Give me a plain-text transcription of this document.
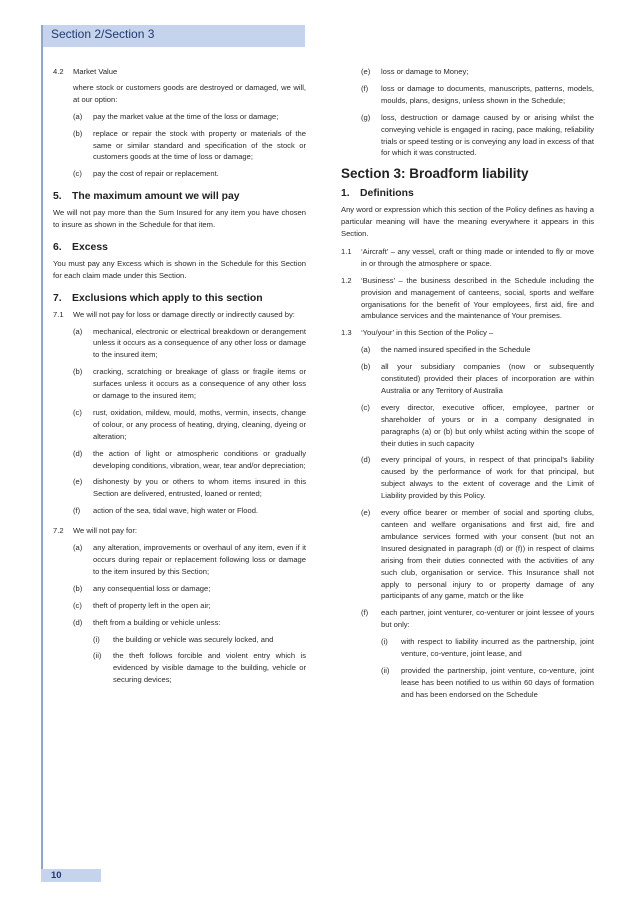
Section 2/Section 3
4.2	Market Value

where stock or customers goods are destroyed or damaged, we will, at our option:

(a)	pay the market value at the time of the loss or damage;
(b)	replace or repair the stock with property or materials of the same or similar standard and specification of the stock or customers goods at the time of loss or damage;
(c)	pay the cost of repair or replacement.
5. The maximum amount we will pay

We will not pay more than the Sum Insured for any item you have chosen to insure as shown in the Schedule for that item.

6. Excess

You must pay any Excess which is shown in the Schedule for this Section for each claim made under this Section.

7. Exclusions which apply to this section
7.1	We will not pay for loss or damage directly or indirectly caused by:
(a)	mechanical, electronic or electrical breakdown or derangement unless it occurs as a consequence of any other loss or damage to the insured item;
(b)	cracking, scratching or breakage of glass or fragile items or surfaces unless it occurs as a consequence of any other loss or damage to the insured item;
(c)	rust, oxidation, mildew, mould, moths, vermin, insects, change of colour, or any process of heating, drying, cleaning, dyeing or alteration;
(d)	the action of light or atmospheric conditions or gradually developing conditions, vibration, wear, tear and/or depreciation;
(e)	dishonesty by you or others to whom items insured in this Section are delivered, entrusted, loaned or rented;
(f)	action of the sea, tidal wave, high water or Flood.
7.2	We will not pay for:
(a)	any alteration, improvements or overhaul of any item, even if it occurs during repair or replacement following loss or damage to the item insured by this Section;
(b)	any consequential loss or damage;
(c)	theft of property left in the open air;
(d)	theft from a building or vehicle unless:
(i)	the building or vehicle was securely locked, and
(ii)	the theft follows forcible and violent entry which is evidenced by visible damage to the building, vehicle or securing devices;
(e)	loss or damage to Money;
(f)	loss or damage to documents, manuscripts, patterns, models, moulds, plans, designs, unless shown in the Schedule;
(g)	loss, destruction or damage caused by or arising whilst the conveying vehicle is engaged in racing, pace making, reliability trials or speed testing or is conveying any load in excess of that for which it was constructed.
Section 3: Broadform liability
1. Definitions

Any word or expression which this section of the Policy defines as having a particular meaning will have the meaning everywhere it appears in this Section.

1.1	‘Aircraft’ – any vessel, craft or thing made or intended to fly or move in or through the atmosphere or space.
1.2	‘Business’ – the business described in the Schedule including the provision and management of canteens, social, sports and welfare organisations for the benefit of Your employees, first aid, fire and ambulance services and the maintenance of Your premises.
1.3	‘You/your’ in this Section of the Policy –
(a)	the named insured specified in the Schedule
(b)	all your subsidiary companies (now or subsequently constituted) provided their places of incorporation are within Australia or any Territory of Australia
(c)	every director, executive officer, employee, partner or shareholder of yours or in a company designated in paragraphs (a) or (b) but only whilst acting within the scope of their duties in such capacity
(d)	every principal of yours, in respect of that principal’s liability caused by the performance of work for that principal, but subject always to the extent of coverage and the Limit of Liability provided by this Policy.
(e)	every office bearer or member of social and sporting clubs, canteen and welfare organisations and first aid, fire and ambulance services formed with your consent (but not an Insured designated in paragraph (d) or (f)) in respect of claims arising from their duties connected with the activities of any such club, organisation or service. This Insurance shall not apply to personal injury to or property damage of any participants of any game, match or the like
(f)	each partner, joint venturer, co-venturer or joint lessee of yours but only:
(i)	with respect to liability incurred as the partnership, joint venture, co-venture, joint lease, and
(ii)	provided the partnership, joint venture, co-venture, joint lease has been notified to us within 60 days of formation and has been endorsed on the Schedule
10
